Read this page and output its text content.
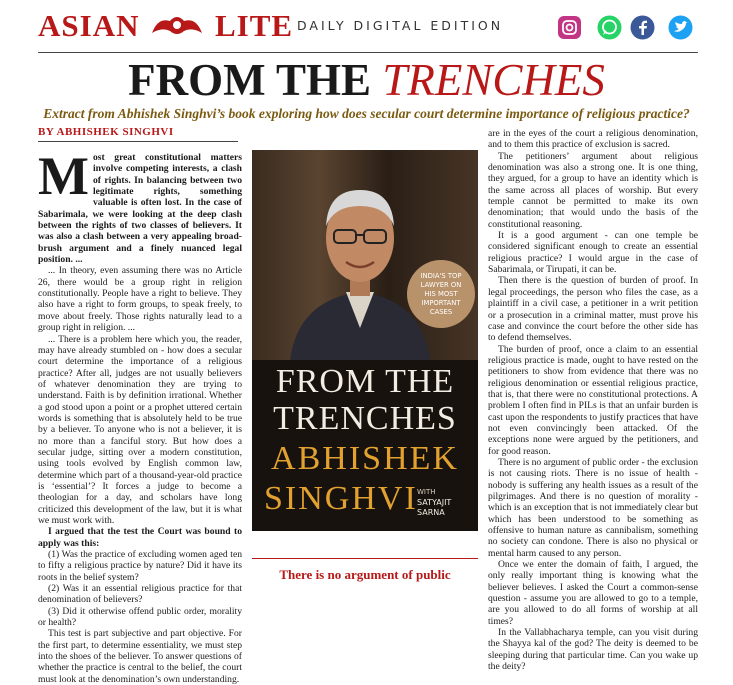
ASIAN LITE DAILY DIGITAL EDITION
FROM THE TRENCHES
Extract from Abhishek Singhvi’s book exploring how does secular court determine importance of religious practice?
BY ABHISHEK SINGHVI
M ost great constitutional matters involve competing interests, a clash of rights. In balancing between two legitimate rights, something valuable is often lost. In the case of Sabarimala, we were looking at the deep clash between the rights of two classes of believers. It was also a clash between a very appealing broad-brush argument and a finely nuanced legal position. ...

... In theory, even assuming there was no Article 26, there would be a group right in religion constitutionally. People have a right to believe. They also have a right to form groups, to speak freely, to move about freely. Those rights naturally lead to a group right in religion. ...

... There is a problem here which you, the reader, may have already stumbled on - how does a secular court determine the importance of a religious practice? After all, judges are not usually believers of whatever denomination they are trying to understand. Faith is by definition irrational. Whether a god stood upon a point or a prophet uttered certain words is something that is absolutely held to be true by a believer. To anyone who is not a believer, it is no more than a fanciful story. But how does a secular judge, sitting over a modern constitution, using tools evolved by English common law, determine which part of a thousand-year-old practice is ‘essential’? It forces a judge to become a theologian for a day, and scholars have long criticized this development of the law, but it is what we must work with.

I argued that the test the Court was bound to apply was this:

(1) Was the practice of excluding women aged ten to fifty a religious practice by nature? Did it have its roots in the belief system?

(2) Was it an essential religious practice for that denomination of believers?

(3) Did it otherwise offend public order, morality or health?

This test is part subjective and part objective. For the first part, to determine essentiality, we must step into the shoes of the believer. To answer questions of whether the practice is central to the belief, the court must look at the denomination’s own understanding.

INDIA'S TOP
LAWYER ON
HIS MOST
IMPORTANT
CASES
FROM THE
TRENCHES
ABHISHEK
SINGHVI WITH
SATYAJIT SARNA
There is no argument of public

are in the eyes of the court a religious denomination, and to them this practice of exclusion is sacred.

The petitioners’ argument about religious denomination was also a strong one. It is one thing, they argued, for a group to have an identity which is the same across all places of worship. But every temple cannot be permitted to make its own denomination; that would undo the basis of the constitutional reasoning.

It is a good argument - can one temple be considered significant enough to create an essential religious practice? I would argue in the case of Sabarimala, or Tirupati, it can be.

Then there is the question of burden of proof. In legal proceedings, the person who files the case, as a plaintiff in a civil case, a petitioner in a writ petition or a prosecution in a criminal matter, must prove his case and convince the court before the other side has to defend themselves.

The burden of proof, once a claim to an essential religious practice is made, ought to have rested on the petitioners to show from evidence that there was no religious denomination or essential religious practice, that is, that there were no constitutional protections. A problem I often find in PILs is that an unfair burden is cast upon the respondents to justify practices that have not even convincingly been attacked. Of the exceptions none were argued by the petitioners, and for good reason.

There is no argument of public order - the exclusion is not causing riots. There is no issue of health - nobody is suffering any health issues as a result of the pilgrimages. And there is no question of morality - which is an exception that is not immediately clear but which has been understood to be something as offensive to human nature as cannibalism, something no society can condone. There is also no physical or mental harm caused to any person.

Once we enter the domain of faith, I argued, the only really important thing is knowing what the believer believes. I asked the Court a common-sense question - assume you are allowed to go to a temple, are you allowed to do all forms of worship at all times?

In the Vallabhacharya temple, can you visit during the Shayya kal of the god? The deity is deemed to be sleeping during that particular time. Can you wake up the deity?
